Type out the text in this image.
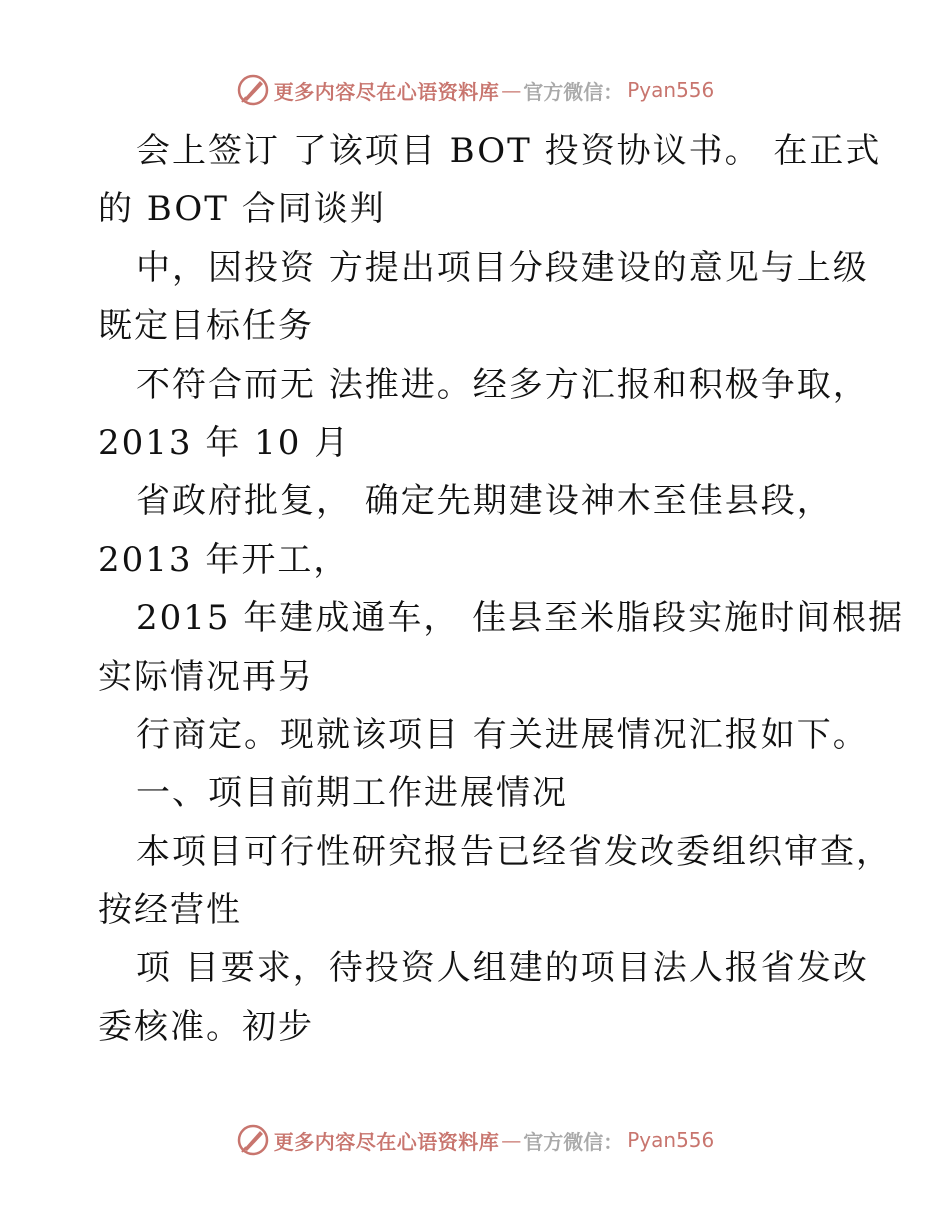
更多内容尽在心语资料库 — 官方微信： Pyan556
会上签订 了该项目 BOT 投资协议书。 在正式
的 BOT 合同谈判
中，因投资 方提出项目分段建设的意见与上级
既定目标任务
不符合而无 法推进。经多方汇报和积极争取，
2013 年 10 月
省政府批复， 确定先期建设神木至佳县段，
2013 年开工，
2015 年建成通车， 佳县至米脂段实施时间根据
实际情况再另
行商定。现就该项目 有关进展情况汇报如下。
一、项目前期工作进展情况
本项目可行性研究报告已经省发改委组织审查，
按经营性
项 目要求，待投资人组建的项目法人报省发改
委核准。初步
更多内容尽在心语资料库 — 官方微信： Pyan556
